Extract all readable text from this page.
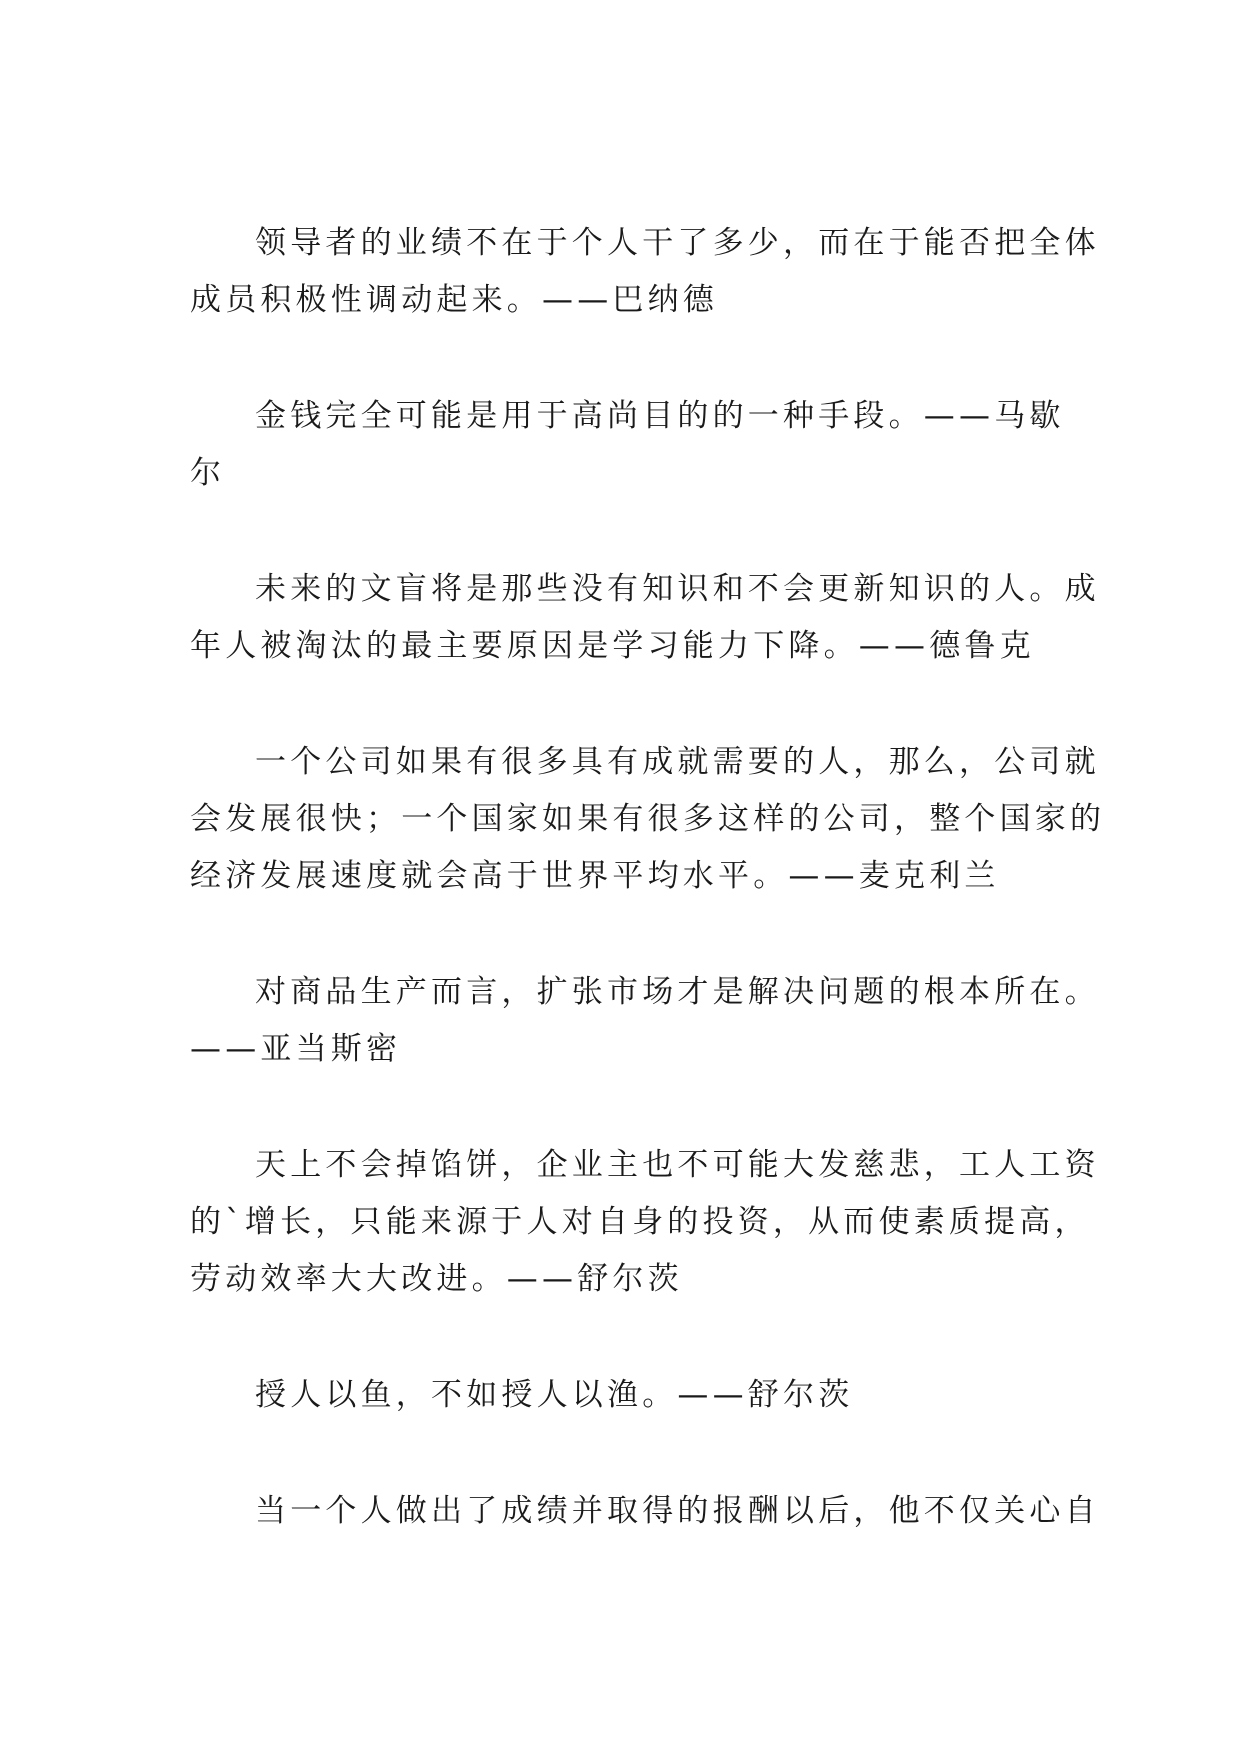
领导者的业绩不在于个人干了多少，而在于能否把全体
成员积极性调动起来。——巴纳德

金钱完全可能是用于高尚目的的一种手段。——马歇
尔

未来的文盲将是那些没有知识和不会更新知识的人。成
年人被淘汰的最主要原因是学习能力下降。——德鲁克

一个公司如果有很多具有成就需要的人，那么，公司就
会发展很快；一个国家如果有很多这样的公司，整个国家的
经济发展速度就会高于世界平均水平。——麦克利兰

对商品生产而言，扩张市场才是解决问题的根本所在。
——亚当斯密

天上不会掉馅饼，企业主也不可能大发慈悲，工人工资
的`增长，只能来源于人对自身的投资，从而使素质提高，
劳动效率大大改进。——舒尔茨

授人以鱼，不如授人以渔。——舒尔茨

当一个人做出了成绩并取得的报酬以后，他不仅关心自
